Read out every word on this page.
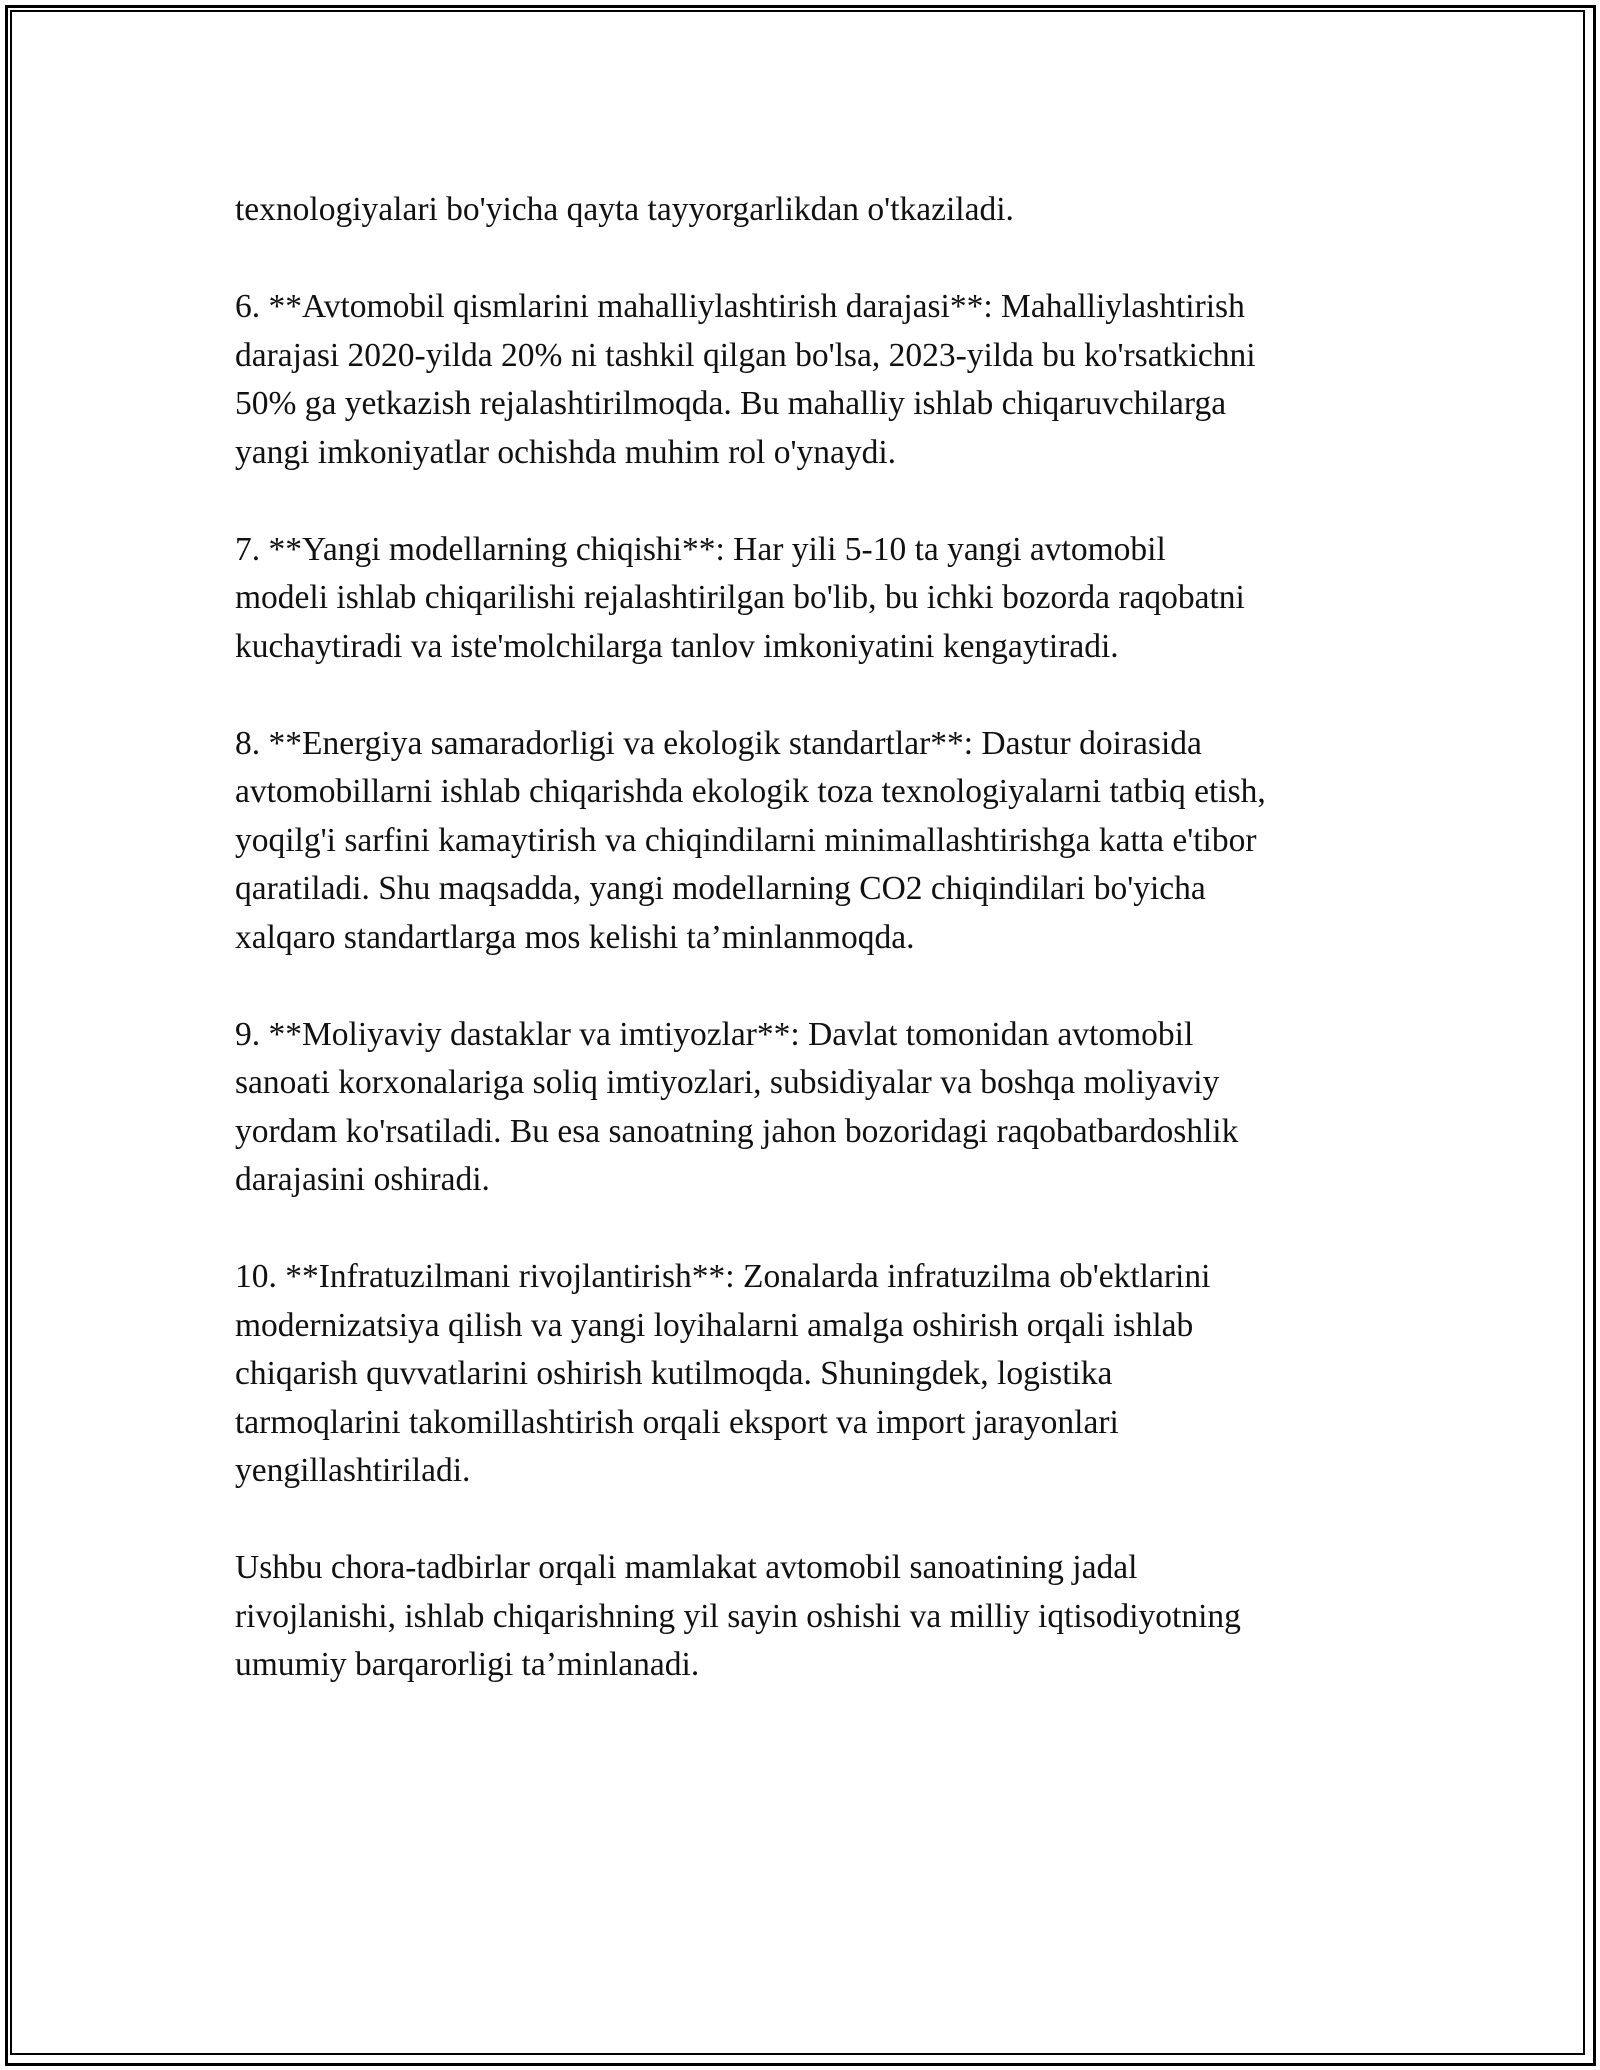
texnologiyalari bo'yicha qayta tayyorgarlikdan o'tkaziladi.

6. **Avtomobil qismlarini mahalliylashtirish darajasi**: Mahalliylashtirish
darajasi 2020-yilda 20% ni tashkil qilgan bo'lsa, 2023-yilda bu ko'rsatkichni
50% ga yetkazish rejalashtirilmoqda. Bu mahalliy ishlab chiqaruvchilarga
yangi imkoniyatlar ochishda muhim rol o'ynaydi.

7. **Yangi modellarning chiqishi**: Har yili 5-10 ta yangi avtomobil
modeli ishlab chiqarilishi rejalashtirilgan bo'lib, bu ichki bozorda raqobatni
kuchaytiradi va iste'molchilarga tanlov imkoniyatini kengaytiradi.

8. **Energiya samaradorligi va ekologik standartlar**: Dastur doirasida
avtomobillarni ishlab chiqarishda ekologik toza texnologiyalarni tatbiq etish,
yoqilg'i sarfini kamaytirish va chiqindilarni minimallashtirishga katta e'tibor
qaratiladi. Shu maqsadda, yangi modellarning CO2 chiqindilari bo'yicha
xalqaro standartlarga mos kelishi ta’minlanmoqda.

9. **Moliyaviy dastaklar va imtiyozlar**: Davlat tomonidan avtomobil
sanoati korxonalariga soliq imtiyozlari, subsidiyalar va boshqa moliyaviy
yordam ko'rsatiladi. Bu esa sanoatning jahon bozoridagi raqobatbardoshlik
darajasini oshiradi.

10. **Infratuzilmani rivojlantirish**: Zonalarda infratuzilma ob'ektlarini
modernizatsiya qilish va yangi loyihalarni amalga oshirish orqali ishlab
chiqarish quvvatlarini oshirish kutilmoqda. Shuningdek, logistika
tarmoqlarini takomillashtirish orqali eksport va import jarayonlari
yengillashtiriladi.

Ushbu chora-tadbirlar orqali mamlakat avtomobil sanoatining jadal
rivojlanishi, ishlab chiqarishning yil sayin oshishi va milliy iqtisodiyotning
umumiy barqarorligi ta’minlanadi.
